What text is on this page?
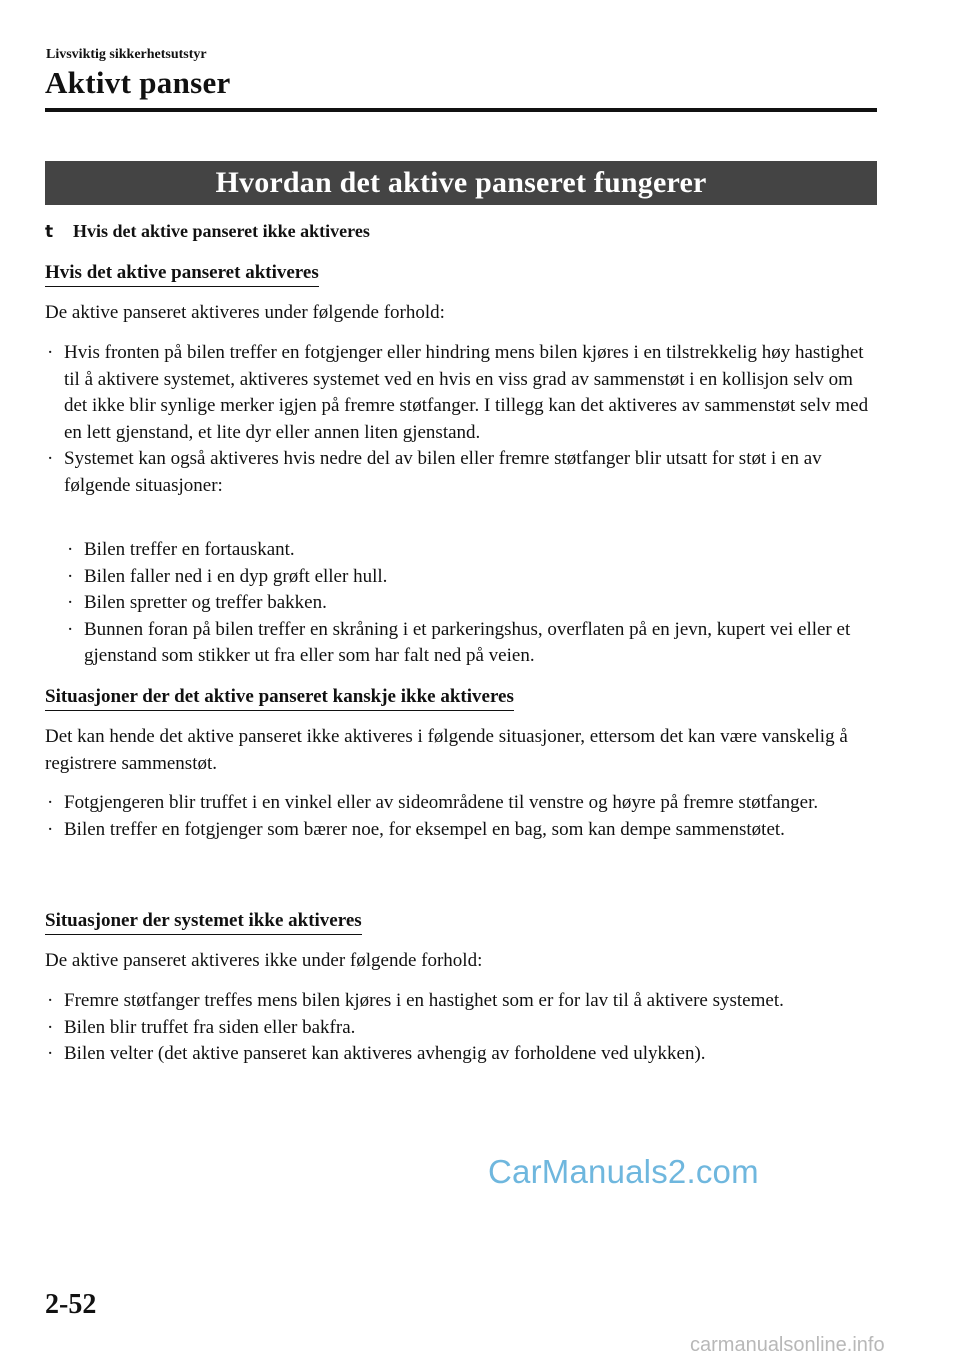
Livsviktig sikkerhetsutstyr
Aktivt panser
Hvordan det aktive panseret fungerer
t Hvis det aktive panseret ikke aktiveres
Hvis det aktive panseret aktiveres
De aktive panseret aktiveres under følgende forhold:
· Hvis fronten på bilen treffer en fotgjenger eller hindring mens bilen kjøres i en tilstrekkelig høy hastighet til å aktivere systemet, aktiveres systemet ved en hvis en viss grad av sammenstøt i en kollisjon selv om det ikke blir synlige merker igjen på fremre støtfanger. I tillegg kan det aktiveres av sammenstøt selv med en lett gjenstand, et lite dyr eller annen liten gjenstand.
· Systemet kan også aktiveres hvis nedre del av bilen eller fremre støtfanger blir utsatt for støt i en av følgende situasjoner:
· Bilen treffer en fortauskant.
· Bilen faller ned i en dyp grøft eller hull.
· Bilen spretter og treffer bakken.
· Bunnen foran på bilen treffer en skråning i et parkeringshus, overflaten på en jevn, kupert vei eller et gjenstand som stikker ut fra eller som har falt ned på veien.
Situasjoner der det aktive panseret kanskje ikke aktiveres
Det kan hende det aktive panseret ikke aktiveres i følgende situasjoner, ettersom det kan være vanskelig å registrere sammenstøt.
· Fotgjengeren blir truffet i en vinkel eller av sideområdene til venstre og høyre på fremre støtfanger.
· Bilen treffer en fotgjenger som bærer noe, for eksempel en bag, som kan dempe sammenstøtet.
Situasjoner der systemet ikke aktiveres
De aktive panseret aktiveres ikke under følgende forhold:
· Fremre støtfanger treffes mens bilen kjøres i en hastighet som er for lav til å aktivere systemet.
· Bilen blir truffet fra siden eller bakfra.
· Bilen velter (det aktive panseret kan aktiveres avhengig av forholdene ved ulykken).
CarManuals2.com
2-52
carmanualsonline.info
